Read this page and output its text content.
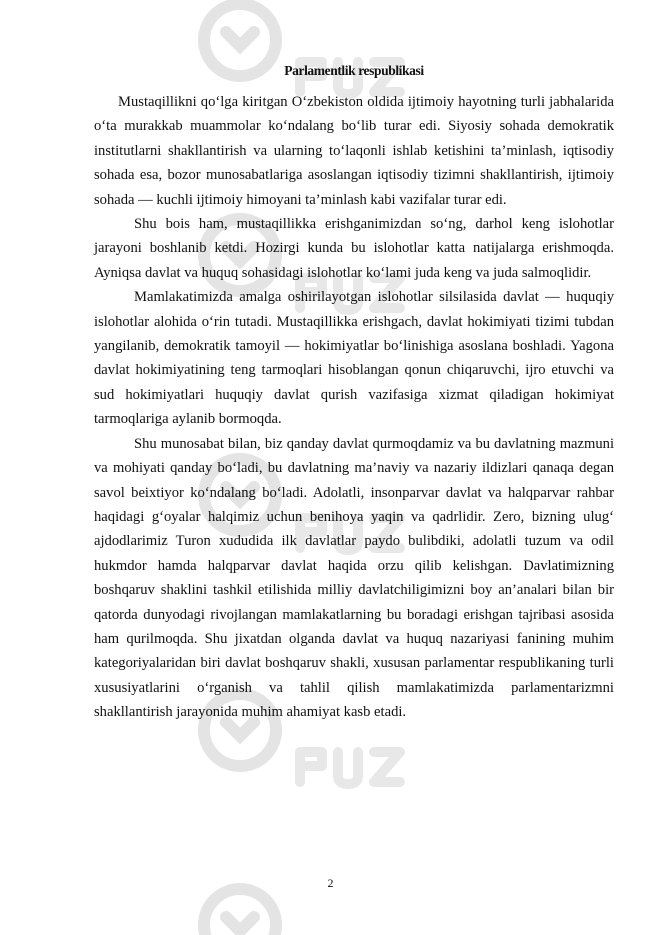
Parlamentlik respublikasi

Mustaqillikni qo‘lga kiritgan O‘zbekiston oldida ijtimoiy hayotning turli jabhalarida o‘ta murakkab muammolar ko‘ndalang bo‘lib turar edi. Siyosiy sohada demokratik institutlarni shakllantirish va ularning to‘laqonli ishlab ketishini ta’minlash, iqtisodiy sohada esa, bozor munosabatlariga asoslangan iqtisodiy tizimni shakllantirish, ijtimoiy sohada — kuchli ijtimoiy himoyani ta’minlash kabi vazifalar turar edi.

Shu bois ham, mustaqillikka erishganimizdan so‘ng, darhol keng islohotlar jarayoni boshlanib ketdi. Hozirgi kunda bu islohotlar katta natijalarga erishmoqda. Ayniqsa davlat va huquq sohasidagi islohotlar ko‘lami juda keng va juda salmoqlidir.

Mamlakatimizda amalga oshirilayotgan islohotlar silsilasida davlat — huquqiy islohotlar alohida o‘rin tutadi. Mustaqillikka erishgach, davlat hokimiyati tizimi tubdan yangilanib, demokratik tamoyil — hokimiyatlar bo‘linishiga asoslana boshladi. Yagona davlat hokimiyatining teng tarmoqlari hisoblangan qonun chiqaruvchi, ijro etuvchi va sud hokimiyatlari huquqiy davlat qurish vazifasiga xizmat qiladigan hokimiyat tarmoqlariga aylanib bormoqda.

Shu munosabat bilan, biz qanday davlat qurmoqdamiz va bu davlatning mazmuni va mohiyati qanday bo‘ladi, bu davlatning ma’naviy va nazariy ildizlari qanaqa degan savol beixtiyor ko‘ndalang bo‘ladi. Adolatli, insonparvar davlat va halqparvar rahbar haqidagi g‘oyalar halqimiz uchun benihoya yaqin va qadrlidir. Zero, bizning ulug‘ ajdodlarimiz Turon xududida ilk davlatlar paydo bulibdiki, adolatli tuzum va odil hukmdor hamda halqparvar davlat haqida orzu qilib kelishgan. Davlatimizning boshqaruv shaklini tashkil etilishida milliy davlatchiligimizni boy an’analari bilan bir qatorda dunyodagi rivojlangan mamlakatlarning bu boradagi erishgan tajribasi asosida ham qurilmoqda. Shu jixatdan olganda davlat va huquq nazariyasi fanining muhim kategoriyalaridan biri davlat boshqaruv shakli, xususan parlamentar respublikaning turli xususiyatlarini o‘rganish va tahlil qilish mamlakatimizda parlamentarizmni shakllantirish jarayonida muhim ahamiyat kasb etadi.

2
